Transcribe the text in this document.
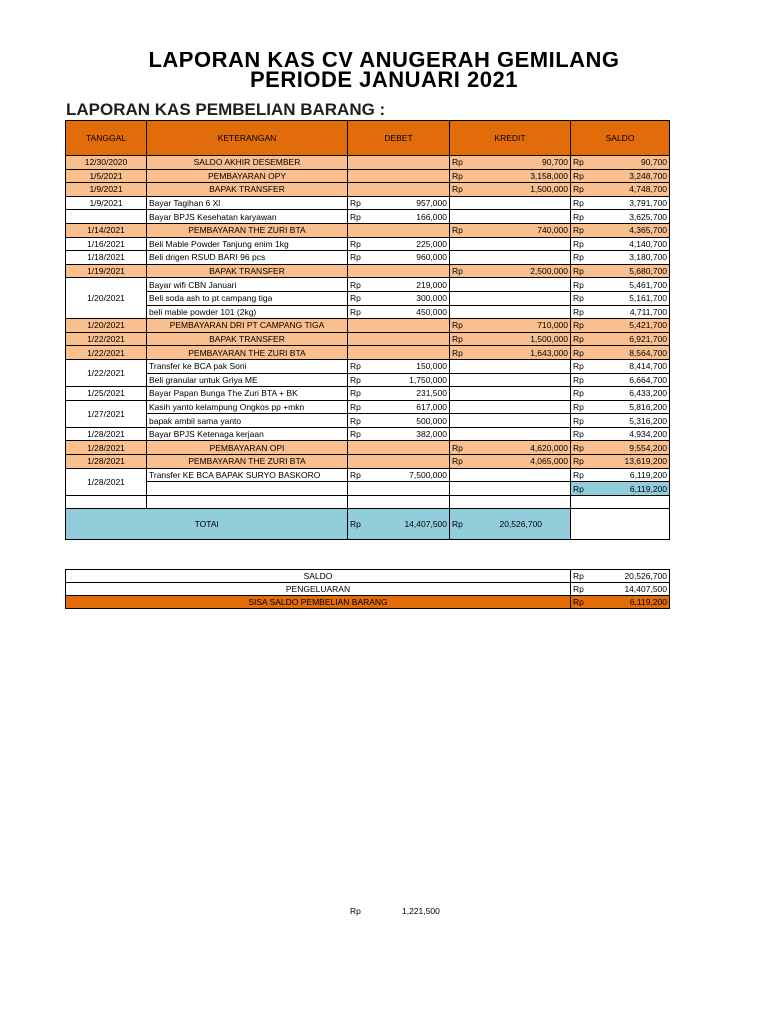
LAPORAN KAS CV ANUGERAH GEMILANG
PERIODE JANUARI 2021
LAPORAN KAS PEMBELIAN BARANG :
TANGGAL	KETERANGAN	DEBET		KREDIT		SALDO	
12/30/2020	SALDO AKHIR DESEMBER			Rp	90,700	Rp	90,700
1/5/2021	PEMBAYARAN OPY			Rp	3,158,000	Rp	3,248,700
1/9/2021	BAPAK TRANSFER			Rp	1,500,000	Rp	4,748,700
1/9/2021	Bayar Tagihan 6 Xl	Rp	957,000			Rp	3,791,700
	Bayar BPJS Kesehatan karyawan	Rp	166,000			Rp	3,625,700
1/14/2021	PEMBAYARAN THE ZURI BTA			Rp	740,000	Rp	4,365,700
1/16/2021	Beli Mable Powder Tanjung enim 1kg	Rp	225,000			Rp	4,140,700
1/18/2021	Beli drigen RSUD BARI 96 pcs	Rp	960,000			Rp	3,180,700
1/19/2021	BAPAK TRANSFER			Rp	2,500,000	Rp	5,680,700
1/20/2021	Bayar wifi CBN Januari	Rp	219,000			Rp	5,461,700
	Beli soda ash to pt campang tiga	Rp	300,000			Rp	5,161,700
	beli mable powder 101 (2kg)	Rp	450,000			Rp	4,711,700
1/20/2021	PEMBAYARAN DRI PT CAMPANG TIGA			Rp	710,000	Rp	5,421,700
1/22/2021	BAPAK TRANSFER			Rp	1,500,000	Rp	6,921,700
1/22/2021	PEMBAYARAN THE ZURI BTA			Rp	1,643,000	Rp	8,564,700
1/22/2021	Transfer ke BCA pak Soni	Rp	150,000			Rp	8,414,700
	Beli granular untuk Griya ME	Rp	1,750,000			Rp	6,664,700
1/25/2021	Bayar Papan Bunga The Zuri BTA + BK	Rp	231,500			Rp	6,433,200
1/27/2021	Kasih yanto kelampung Ongkos pp +mkn	Rp	617,000			Rp	5,816,200
	bapak ambil sama yanto	Rp	500,000			Rp	5,316,200
1/28/2021	Bayar BPJS Ketenaga kerjaan	Rp	382,000			Rp	4,934,200
1/28/2021	PEMBAYARAN OPI			Rp	4,620,000	Rp	9,554,200
1/28/2021	PEMBAYARAN THE ZURI BTA			Rp	4,065,000	Rp	13,619,200
1/28/2021	Transfer KE BCA BAPAK SURYO BASKORO	Rp	7,500,000			Rp	6,119,200
						Rp	6,119,200

TOTAl		Rp	14,407,500	Rp	20,526,700		
SALDO	Rp	20,526,700
PENGELUARAN	Rp	14,407,500
SISA SALDO PEMBELIAN BARANG	Rp	6,119,200
Rp	1,221,500
